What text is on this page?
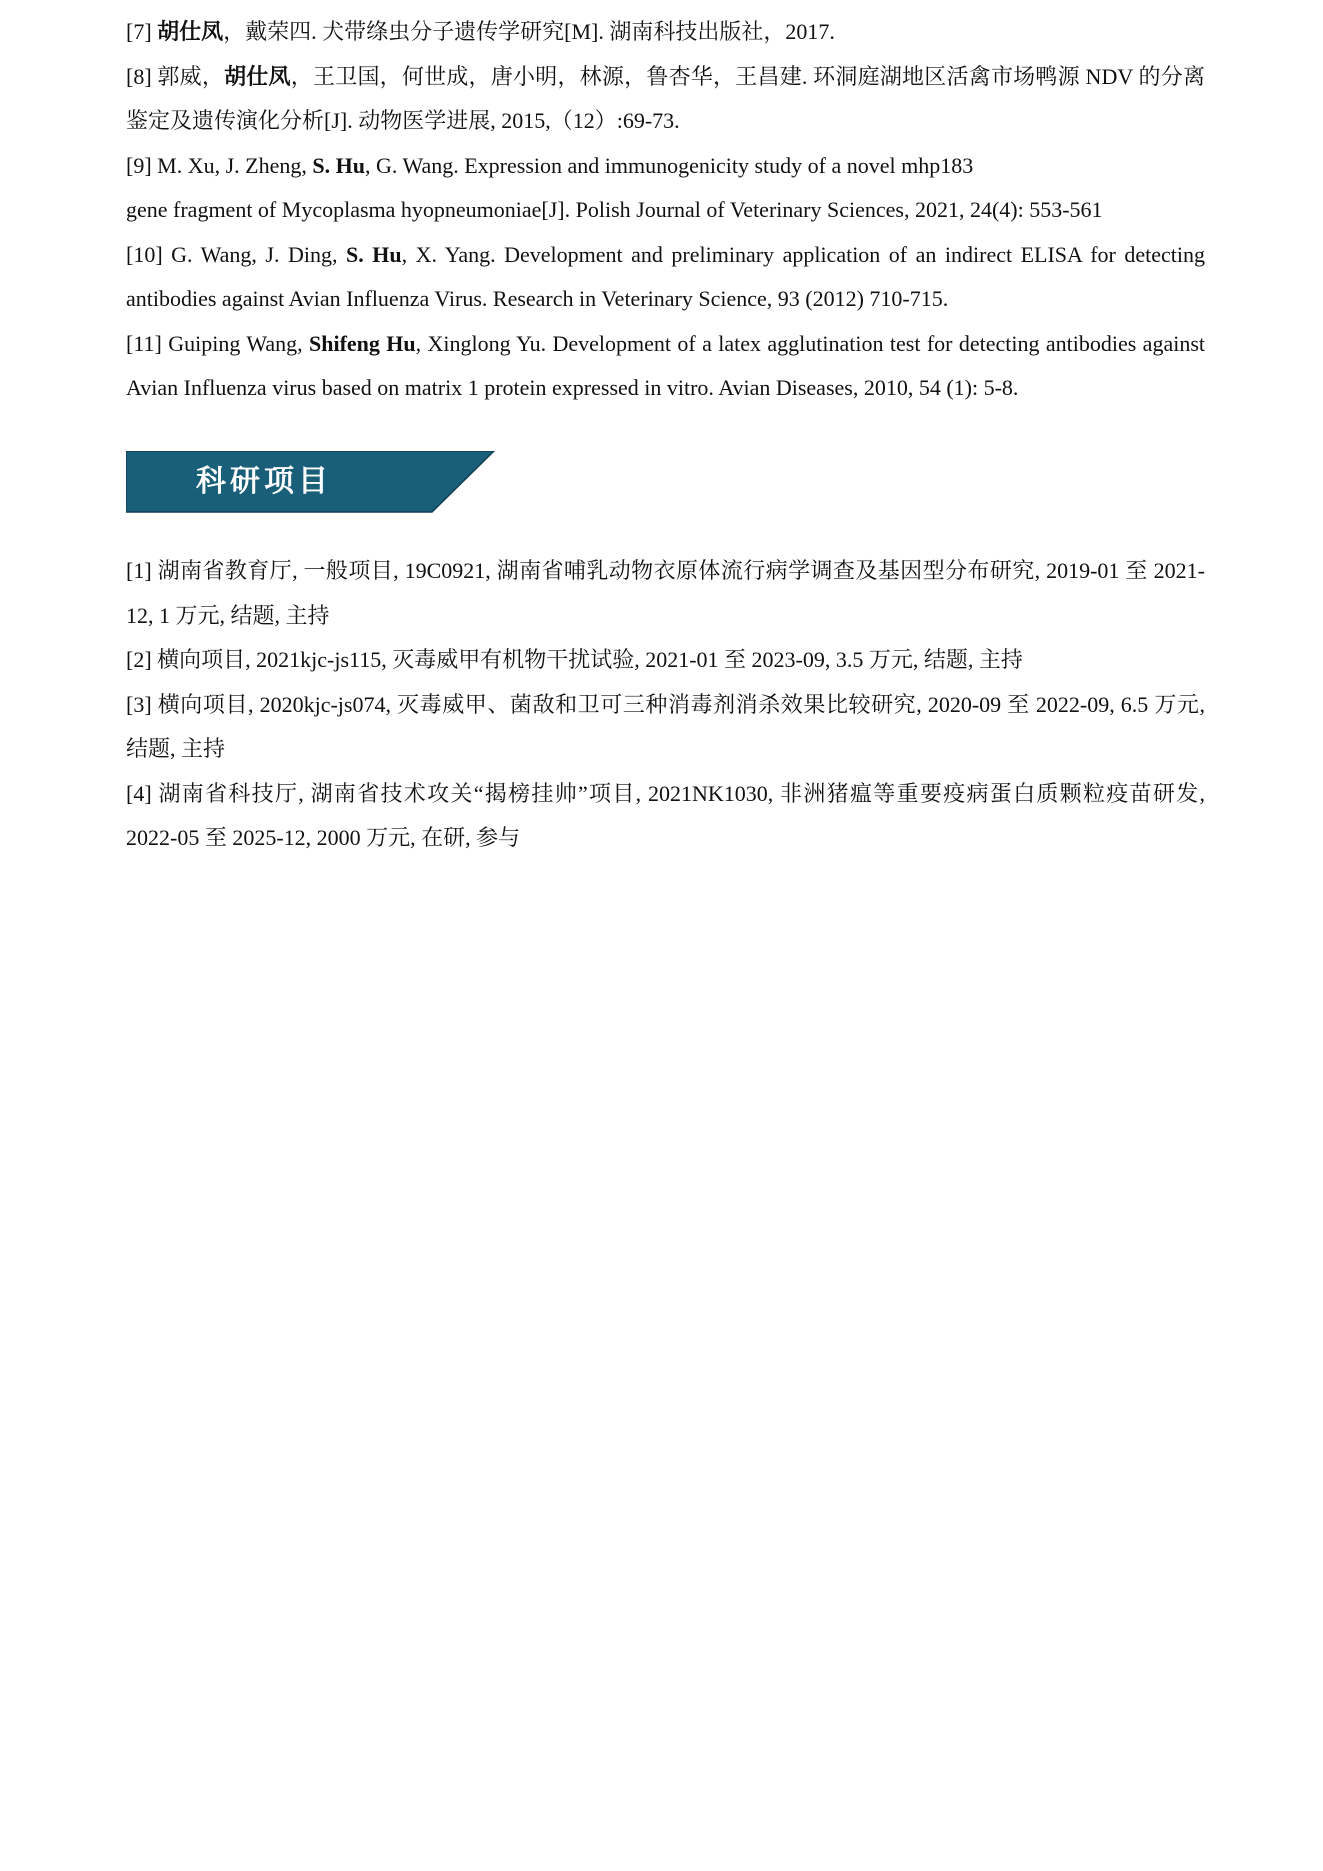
[7] 胡仕凤，戴荣四. 犬带绦虫分子遗传学研究[M]. 湖南科技出版社，2017.

[8] 郭威，胡仕凤，王卫国，何世成，唐小明，林源，鲁杏华，王昌建. 环洞庭湖地区活禽市场鸭源 NDV 的分离鉴定及遗传演化分析[J]. 动物医学进展, 2015,（12）:69-73.

[9] M. Xu, J. Zheng, S. Hu, G. Wang. Expression and immunogenicity study of a novel mhp183

gene fragment of Mycoplasma hyopneumoniae[J]. Polish Journal of Veterinary Sciences, 2021, 24(4): 553-561

[10] G. Wang, J. Ding, S. Hu, X. Yang. Development and preliminary application of an indirect ELISA for detecting antibodies against Avian Influenza Virus. Research in Veterinary Science, 93 (2012) 710-715.

[11] Guiping Wang, Shifeng Hu, Xinglong Yu. Development of a latex agglutination test for detecting antibodies against Avian Influenza virus based on matrix 1 protein expressed in vitro. Avian Diseases, 2010, 54 (1): 5-8.

科研项目

[1] 湖南省教育厅, 一般项目, 19C0921, 湖南省哺乳动物衣原体流行病学调查及基因型分布研究, 2019-01 至 2021-12, 1 万元, 结题, 主持

[2] 横向项目, 2021kjc-js115, 灭毒威甲有机物干扰试验, 2021-01 至 2023-09, 3.5 万元, 结题, 主持

[3] 横向项目, 2020kjc-js074, 灭毒威甲、菌敌和卫可三种消毒剂消杀效果比较研究, 2020-09 至 2022-09, 6.5 万元, 结题, 主持

[4] 湖南省科技厅, 湖南省技术攻关“揭榜挂帅”项目, 2021NK1030, 非洲猪瘟等重要疫病蛋白质颗粒疫苗研发, 2022-05 至 2025-12, 2000 万元, 在研, 参与
